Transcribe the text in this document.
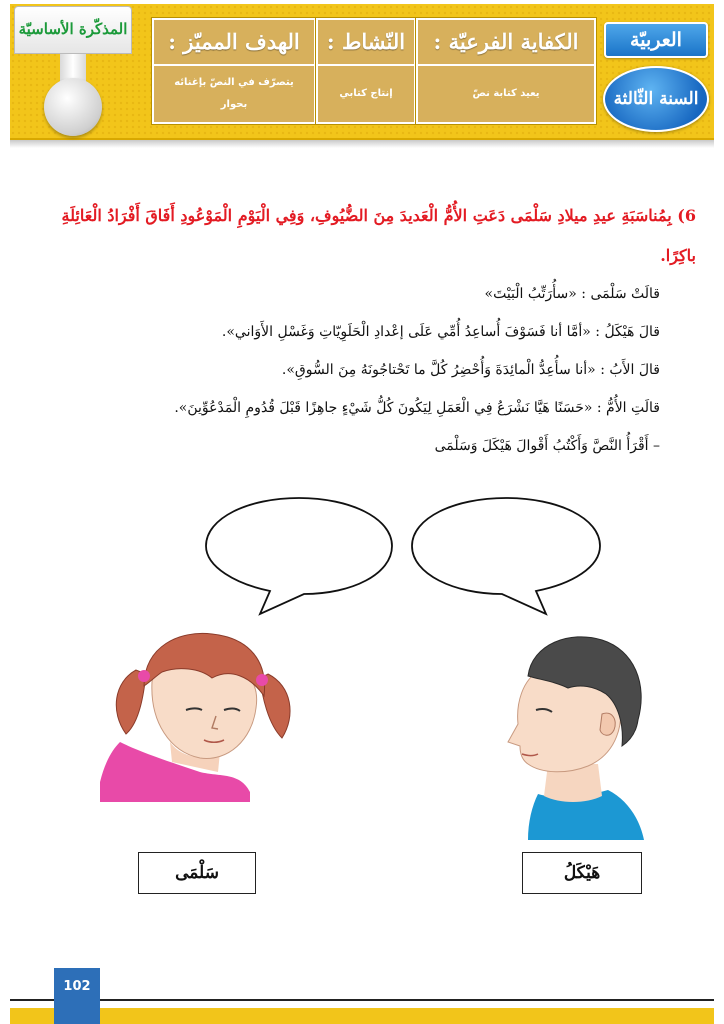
المذكّرة الأساسيّة	الهدف المميّز :
يتصرّف في النصّ بإغنائه بحوار
النّشاط :
إنتاج كتابي
الكفاية الفرعيّة :
يعيد كتابة نصّ
العربيّة
السنة الثّالثة
6) بِمُناسَبَةِ عيدِ ميلادِ سَلْمَى دَعَتِ الأُمُّ الْعَديدَ مِنَ الضُّيُوفِ، وَفِي الْيَوْمِ الْمَوْعُودِ أَفَاقَ أَفْرَادُ الْعَائِلَةِ باكِرًا.
قالَتْ سَلْمَى : «سأُرَتِّبُ الْبَيْتَ»
قالَ هَيْكَلُ : «أمَّا أنا فَسَوْفَ أُساعِدُ أُمِّي عَلَى إعْدادِ الْحَلَوِيّاتِ وَغَسْلِ الأَوَاني».
قالَ الأَبُ : «أنا سأُعِدُّ الْمائِدَةَ وَأُحْضِرُ كُلَّ ما تَحْتاجُونَهُ مِنَ السُّوقِ».
قالَتِ الأُمُّ : «حَسَنًا هَيَّا نَشْرَعُ فِي الْعَمَلِ لِيَكُونَ كُلُّ شَيْءٍ جاهِزًا قَبْلَ قُدُومِ الْمَدْعُوِّينَ».
– أَقْرَأُ النَّصَّ وَأَكْتُبُ أَقْوالَ هَيْكَلَ وَسَلْمَى
سَلْمَى	هَيْكَلُ
102
